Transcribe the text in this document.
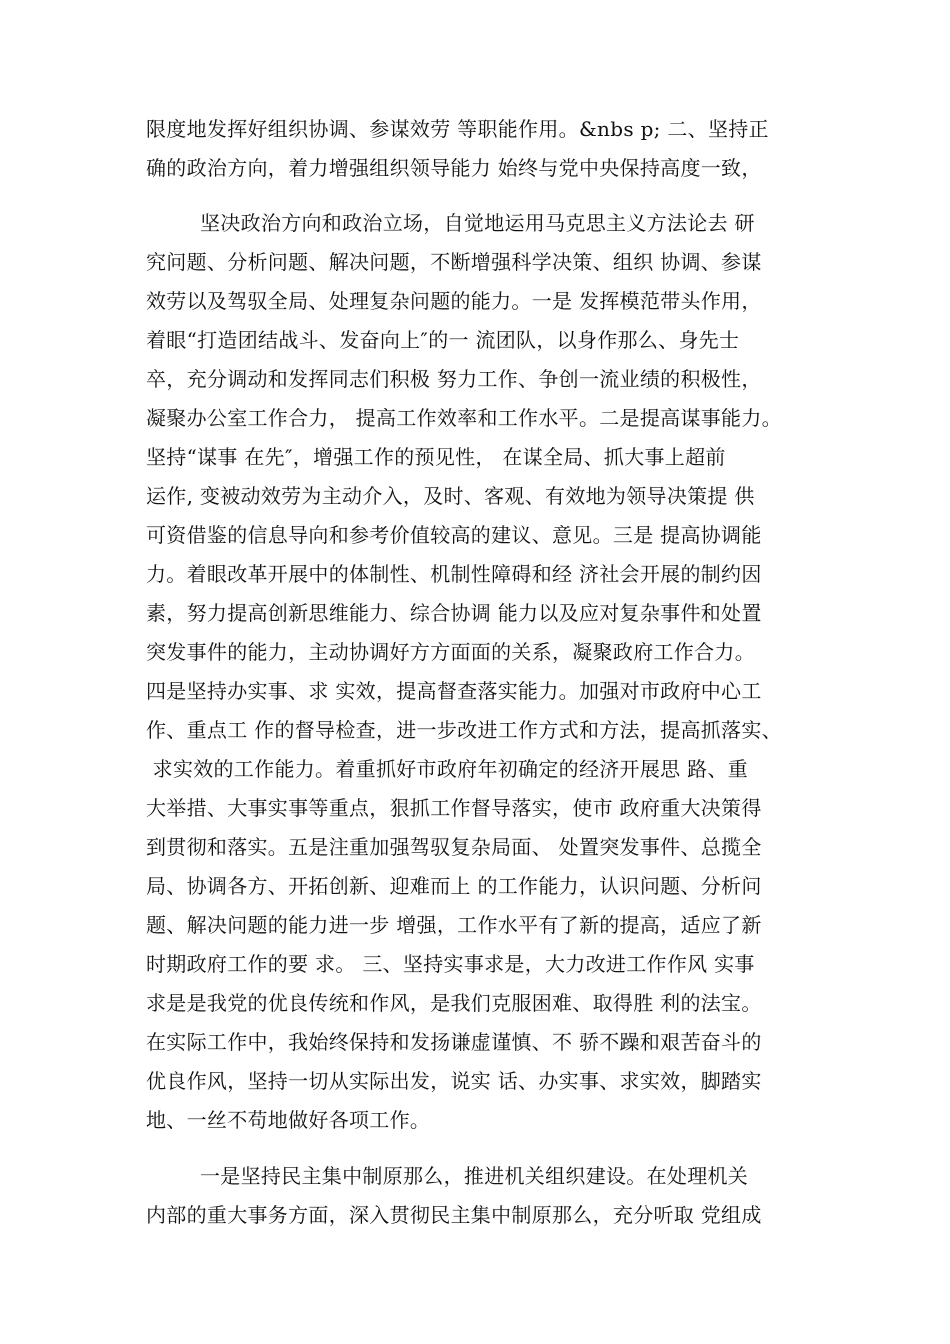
限度地发挥好组织协调、参谋效劳 等职能作用。&nbs p; 二、坚持正
确的政治方向，着力增强组织领导能力 始终与党中央保持高度一致，
坚决政治方向和政治立场，自觉地运用马克思主义方法论去 研
究问题、分析问题、解决问题，不断增强科学决策、组织 协调、参谋
效劳以及驾驭全局、处理复杂问题的能力。一是 发挥模范带头作用，
着眼“打造团结战斗、发奋向上″的一 流团队，以身作那么、身先士
卒，充分调动和发挥同志们积极 努力工作、争创一流业绩的积极性，
凝聚办公室工作合力， 提高工作效率和工作水平。二是提高谋事能力。
坚持“谋事 在先″，增强工作的预见性， 在谋全局、抓大事上超前
运作, 变被动效劳为主动介入，及时、客观、有效地为领导决策提 供
可资借鉴的信息导向和参考价值较高的建议、意见。三是 提高协调能
力。着眼改革开展中的体制性、机制性障碍和经 济社会开展的制约因
素，努力提高创新思维能力、综合协调 能力以及应对复杂事件和处置
突发事件的能力，主动协调好方方面面的关系，凝聚政府工作合力。
四是坚持办实事、求 实效，提高督查落实能力。加强对市政府中心工
作、重点工 作的督导检查，进一步改进工作方式和方法，提高抓落实、
求实效的工作能力。着重抓好市政府年初确定的经济开展思 路、重
大举措、大事实事等重点，狠抓工作督导落实，使市 政府重大决策得
到贯彻和落实。五是注重加强驾驭复杂局面、 处置突发事件、总揽全
局、协调各方、开拓创新、迎难而上 的工作能力，认识问题、分析问
题、解决问题的能力进一步 增强，工作水平有了新的提高，适应了新
时期政府工作的要 求。 三、坚持实事求是，大力改进工作作风 实事
求是是我党的优良传统和作风，是我们克服困难、取得胜 利的法宝。
在实际工作中，我始终保持和发扬谦虚谨慎、不 骄不躁和艰苦奋斗的
优良作风，坚持一切从实际出发，说实 话、办实事、求实效，脚踏实
地、一丝不苟地做好各项工作。
一是坚持民主集中制原那么，推进机关组织建设。在处理机关
内部的重大事务方面，深入贯彻民主集中制原那么，充分听取 党组成
